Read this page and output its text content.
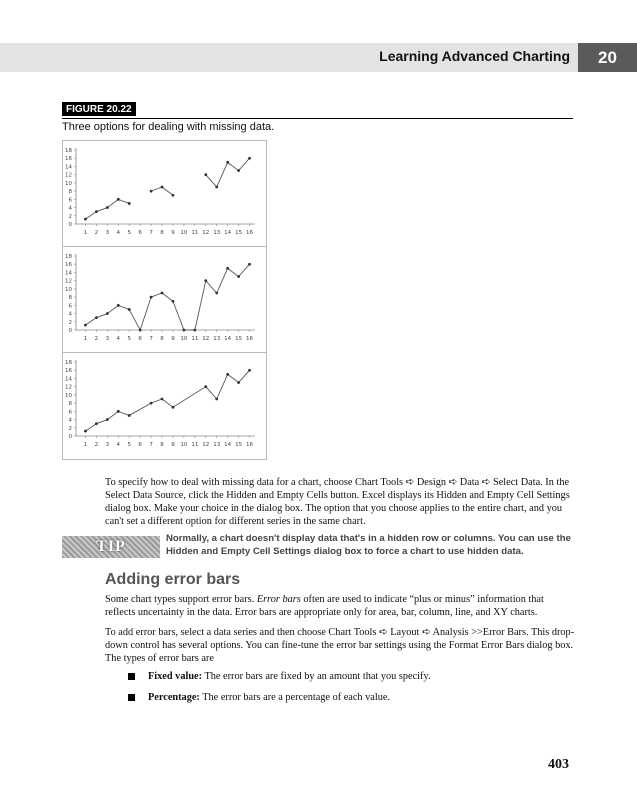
Learning Advanced Charting	20
FIGURE 20.22
Three options for dealing with missing data.
0
2
4
6
8
10
12
14
16
18
1 2 3 4 5 6 7 8 9 10 11 12 13 14 15 16
0
2
4
6
8
10
12
14
16
18
1 2 3 4 5 6 7 8 9 10 11 12 13 14 15 16
0
2
4
6
8
10
12
14
16
18
1 2 3 4 5 6 7 8 9 10 11 12 13 14 15 16

To specify how to deal with missing data for a chart, choose Chart Tools ➪ Design ➪ Data ➪ Select Data. In the Select Data Source, click the Hidden and Empty Cells button. Excel displays its Hidden and Empty Cell Settings dialog box. Make your choice in the dialog box. The option that you choose applies to the entire chart, and you can't set a different option for different series in the same chart.

TIP	Normally, a chart doesn't display data that's in a hidden row or columns. You can use the Hidden and Empty Cell Settings dialog box to force a chart to use hidden data.

Adding error bars

Some chart types support error bars. Error bars often are used to indicate “plus or minus” information that reflects uncertainty in the data. Error bars are appropriate only for area, bar, column, line, and XY charts.

To add error bars, select a data series and then choose Chart Tools ➪ Layout ➪ Analysis >>Error Bars. This drop-down control has several options. You can fine-tune the error bar settings using the Format Error Bars dialog box. The types of error bars are

Fixed value: The error bars are fixed by an amount that you specify.
Percentage: The error bars are a percentage of each value.
403
